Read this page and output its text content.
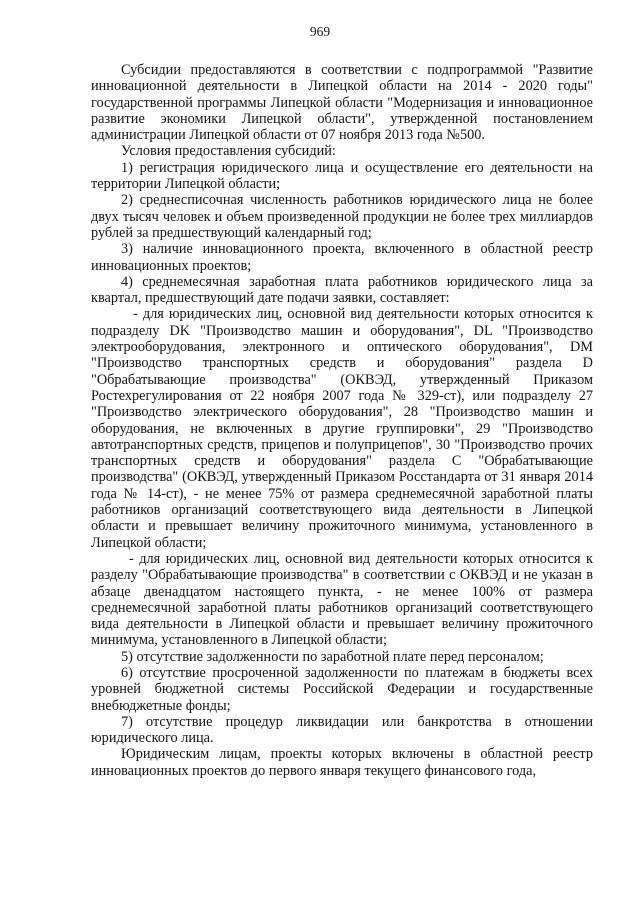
969

Субсидии предоставляются в соответствии с подпрограммой "Развитие инновационной деятельности в Липецкой области на 2014 - 2020 годы" государственной программы Липецкой области "Модернизация и инновационное развитие экономики Липецкой области", утвержденной постановлением администрации Липецкой области от 07 ноября 2013 года №500.

Условия предоставления субсидий:

1) регистрация юридического лица и осуществление его деятельности на территории Липецкой области;

2) среднесписочная численность работников юридического лица не более двух тысяч человек и объем произведенной продукции не более трех миллиардов рублей за предшествующий календарный год;

3) наличие инновационного проекта, включенного в областной реестр инновационных проектов;

4) среднемесячная заработная плата работников юридического лица за квартал, предшествующий дате подачи заявки, составляет:

- для юридических лиц, основной вид деятельности которых относится к подразделу DK "Производство машин и оборудования", DL "Производство электрооборудования, электронного и оптического оборудования", DM "Производство транспортных средств и оборудования" раздела D "Обрабатывающие производства" (ОКВЭД, утвержденный Приказом Ростехрегулирования от 22 ноября 2007 года № 329-ст), или подразделу 27 "Производство электрического оборудования", 28 "Производство машин и оборудования, не включенных в другие группировки", 29 "Производство автотранспортных средств, прицепов и полуприцепов", 30 "Производство прочих транспортных средств и оборудования" раздела C "Обрабатывающие производства" (ОКВЭД, утвержденный Приказом Росстандарта от 31 января 2014 года № 14-ст), - не менее 75% от размера среднемесячной заработной платы работников организаций соответствующего вида деятельности в Липецкой области и превышает величину прожиточного минимума, установленного в Липецкой области;

- для юридических лиц, основной вид деятельности которых относится к разделу "Обрабатывающие производства" в соответствии с ОКВЭД и не указан в абзаце двенадцатом настоящего пункта, - не менее 100% от размера среднемесячной заработной платы работников организаций соответствующего вида деятельности в Липецкой области и превышает величину прожиточного минимума, установленного в Липецкой области;

5) отсутствие задолженности по заработной плате перед персоналом;

6) отсутствие просроченной задолженности по платежам в бюджеты всех уровней бюджетной системы Российской Федерации и государственные внебюджетные фонды;

7) отсутствие процедур ликвидации или банкротства в отношении юридического лица.

Юридическим лицам, проекты которых включены в областной реестр инновационных проектов до первого января текущего финансового года,
